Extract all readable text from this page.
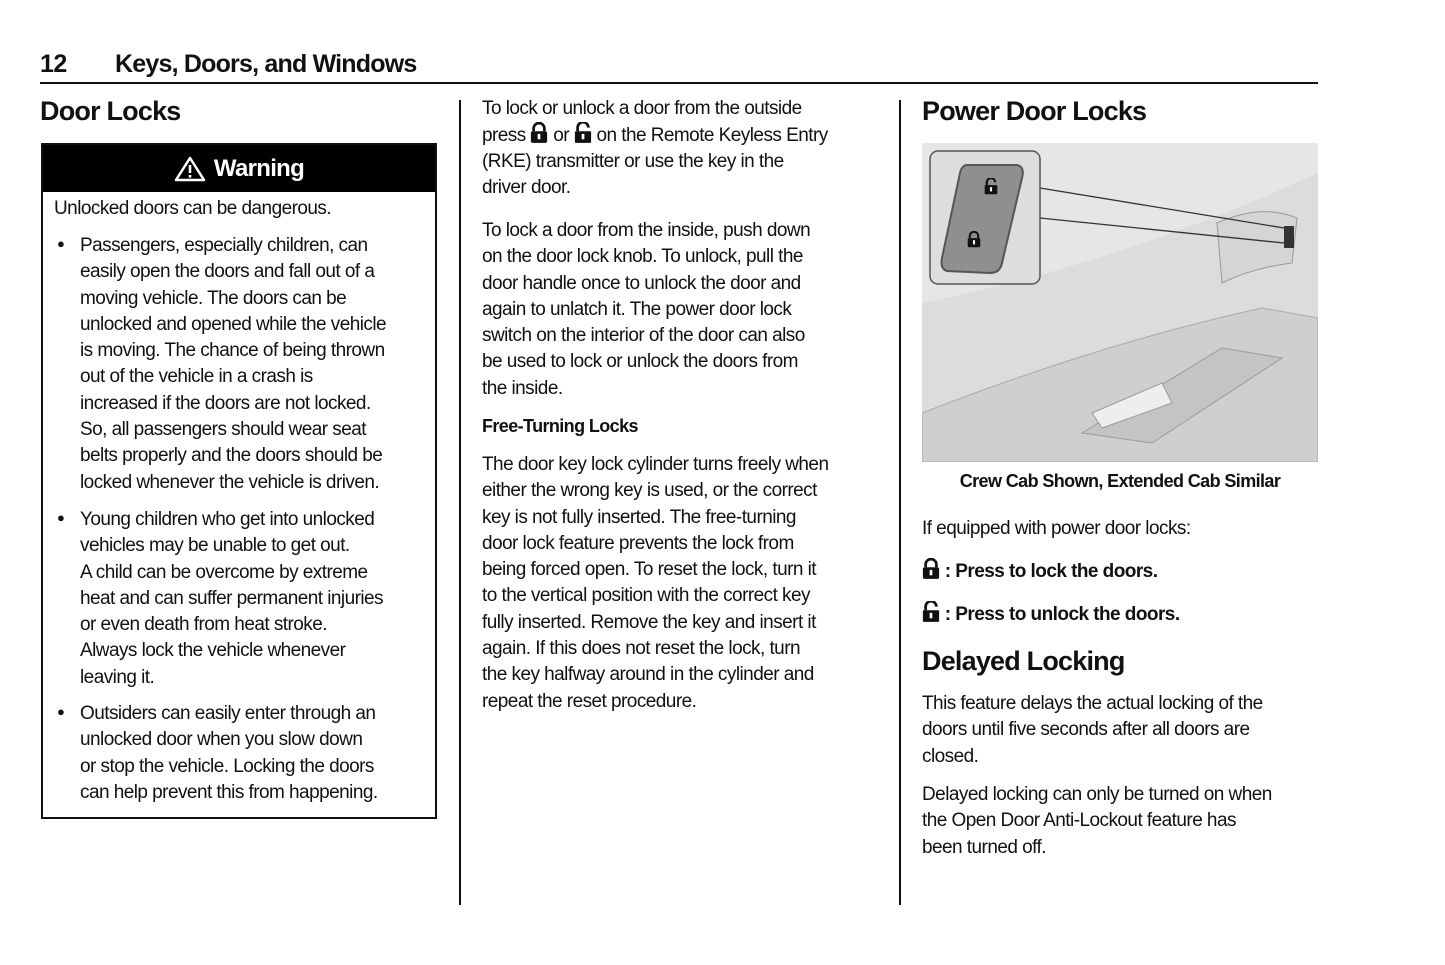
12 Keys, Doors, and Windows
Door Locks
Warning
Unlocked doors can be dangerous.
● Passengers, especially children, can
easily open the doors and fall out of a
moving vehicle. The doors can be
unlocked and opened while the vehicle
is moving. The chance of being thrown
out of the vehicle in a crash is
increased if the doors are not locked.
So, all passengers should wear seat
belts properly and the doors should be
locked whenever the vehicle is driven.
● Young children who get into unlocked
vehicles may be unable to get out.
A child can be overcome by extreme
heat and can suffer permanent injuries
or even death from heat stroke.
Always lock the vehicle whenever
leaving it.
● Outsiders can easily enter through an
unlocked door when you slow down
or stop the vehicle. Locking the doors
can help prevent this from happening.
To lock or unlock a door from the outside
press or on the Remote Keyless Entry
(RKE) transmitter or use the key in the
driver door.
To lock a door from the inside, push down
on the door lock knob. To unlock, pull the
door handle once to unlock the door and
again to unlatch it. The power door lock
switch on the interior of the door can also
be used to lock or unlock the doors from
the inside.
Free-Turning Locks
The door key lock cylinder turns freely when
either the wrong key is used, or the correct
key is not fully inserted. The free-turning
door lock feature prevents the lock from
being forced open. To reset the lock, turn it
to the vertical position with the correct key
fully inserted. Remove the key and insert it
again. If this does not reset the lock, turn
the key halfway around in the cylinder and
repeat the reset procedure.
Power Door Locks
Crew Cab Shown, Extended Cab Similar
If equipped with power door locks:
: Press to lock the doors.
: Press to unlock the doors.
Delayed Locking
This feature delays the actual locking of the
doors until five seconds after all doors are
closed.
Delayed locking can only be turned on when
the Open Door Anti-Lockout feature has
been turned off.
